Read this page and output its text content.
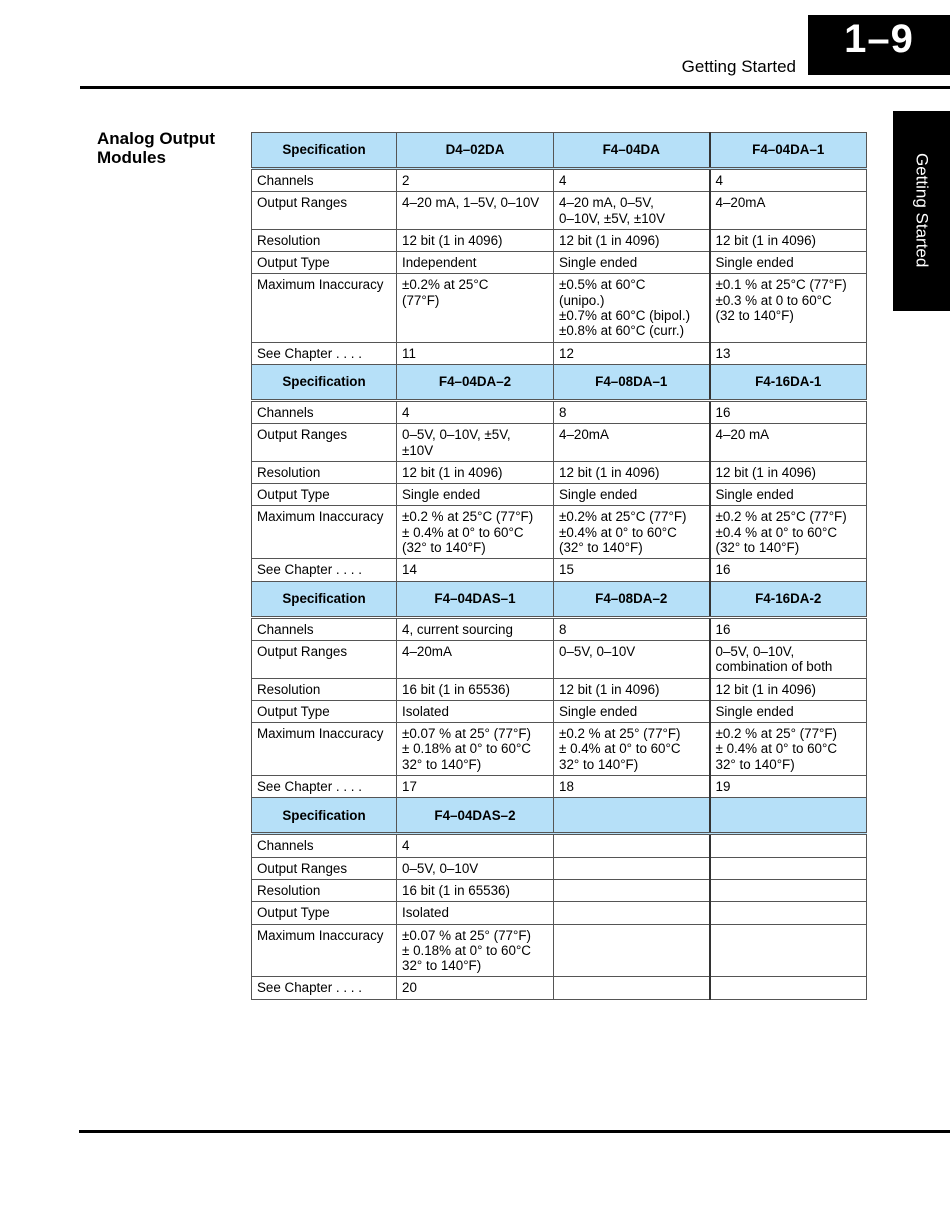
1–9
Getting Started
Getting Started
Analog Output Modules	Specification	D4–02DA	F4–04DA	F4–04DA–1
Channels	2	4	4
Output Ranges	4–20 mA, 1–5V, 0–10V	4–20 mA, 0–5V,
0–10V, ±5V, ±10V	4–20mA
Resolution	12 bit (1 in 4096)	12 bit (1 in 4096)	12 bit (1 in 4096)
Output Type	Independent	Single ended	Single ended
Maximum Inaccuracy	±0.2% at 25°C
(77°F)	±0.5% at 60°C
(unipo.)
±0.7% at 60°C (bipol.)
±0.8% at 60°C (curr.)	±0.1 % at 25°C (77°F)
±0.3 % at 0 to 60°C
(32 to 140°F)
See Chapter . . . .	11	12	13
Specification	F4–04DA–2	F4–08DA–1	F4-16DA-1
Channels	4	8	16
Output Ranges	0–5V, 0–10V, ±5V,
±10V	4–20mA	4–20 mA
Resolution	12 bit (1 in 4096)	12 bit (1 in 4096)	12 bit (1 in 4096)
Output Type	Single ended	Single ended	Single ended
Maximum Inaccuracy	±0.2 % at 25°C (77°F)
± 0.4% at 0° to 60°C
(32° to 140°F)	±0.2% at 25°C (77°F)
±0.4% at 0° to 60°C
(32° to 140°F)	±0.2 % at 25°C (77°F)
±0.4 % at 0° to 60°C
(32° to 140°F)
See Chapter . . . .	14	15	16
Specification	F4–04DAS–1	F4–08DA–2	F4-16DA-2
Channels	4, current sourcing	8	16
Output Ranges	4–20mA	0–5V, 0–10V	0–5V, 0–10V,
combination of both
Resolution	16 bit (1 in 65536)	12 bit (1 in 4096)	12 bit (1 in 4096)
Output Type	Isolated	Single ended	Single ended
Maximum Inaccuracy	±0.07 % at 25° (77°F)
± 0.18% at 0° to 60°C
32° to 140°F)	±0.2 % at 25° (77°F)
± 0.4% at 0° to 60°C
32° to 140°F)	±0.2 % at 25° (77°F)
± 0.4% at 0° to 60°C
32° to 140°F)
See Chapter . . . .	17	18	19
Specification	F4–04DAS–2		
Channels	4		
Output Ranges	0–5V, 0–10V		
Resolution	16 bit (1 in 65536)		
Output Type	Isolated		
Maximum Inaccuracy	±0.07 % at 25° (77°F)
± 0.18% at 0° to 60°C
32° to 140°F)		
See Chapter . . . .	20		
